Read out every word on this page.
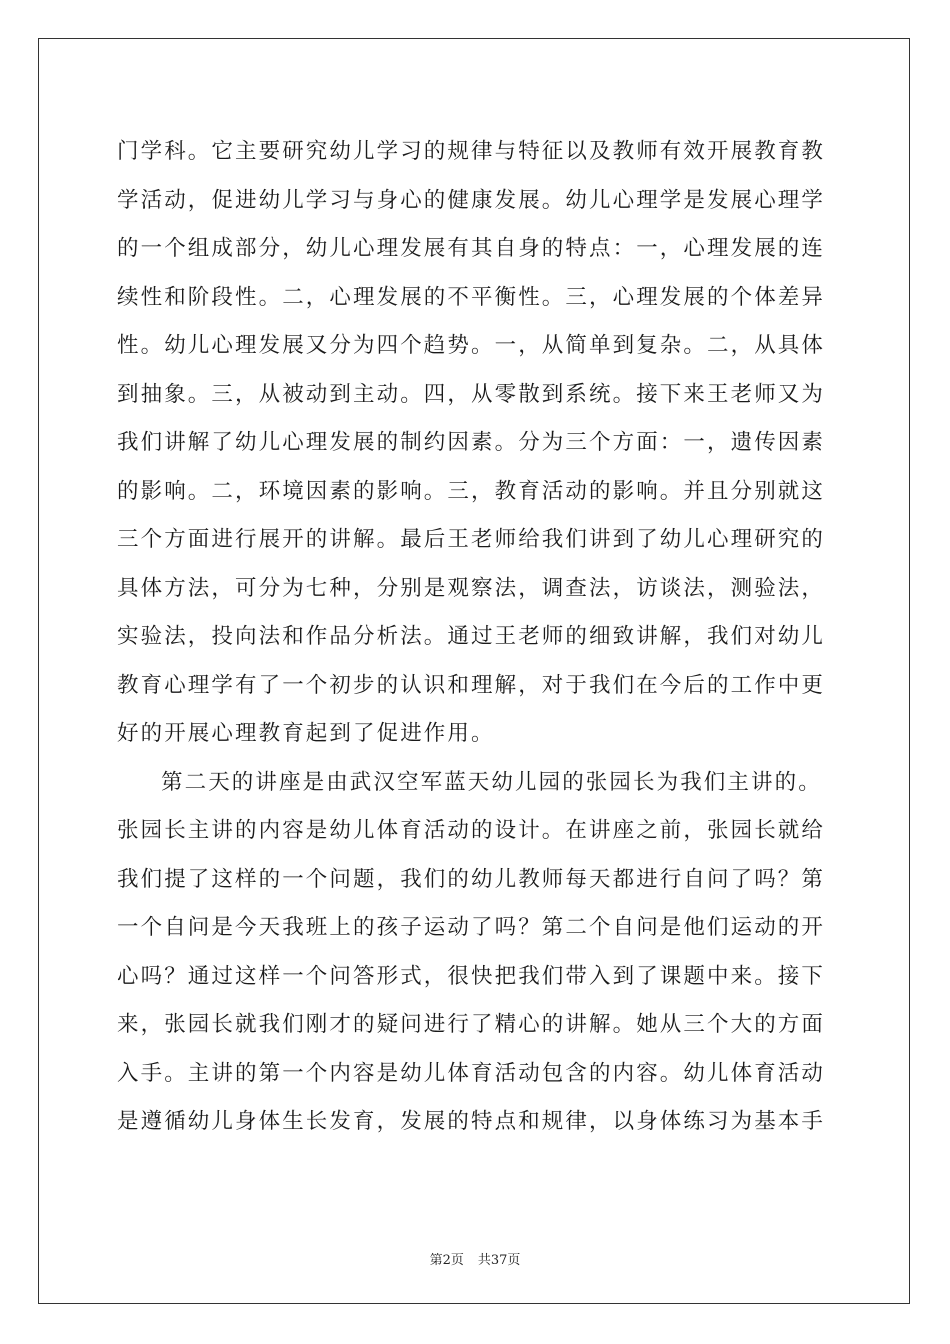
门学科。它主要研究幼儿学习的规律与特征以及教师有效开展教育教
学活动，促进幼儿学习与身心的健康发展。幼儿心理学是发展心理学
的一个组成部分，幼儿心理发展有其自身的特点：一，心理发展的连
续性和阶段性。二，心理发展的不平衡性。三，心理发展的个体差异
性。幼儿心理发展又分为四个趋势。一，从简单到复杂。二，从具体
到抽象。三，从被动到主动。四，从零散到系统。接下来王老师又为
我们讲解了幼儿心理发展的制约因素。分为三个方面：一，遗传因素
的影响。二，环境因素的影响。三，教育活动的影响。并且分别就这
三个方面进行展开的讲解。最后王老师给我们讲到了幼儿心理研究的
具体方法，可分为七种，分别是观察法，调查法，访谈法，测验法，
实验法，投向法和作品分析法。通过王老师的细致讲解，我们对幼儿
教育心理学有了一个初步的认识和理解，对于我们在今后的工作中更
好的开展心理教育起到了促进作用。
第二天的讲座是由武汉空军蓝天幼儿园的张园长为我们主讲的。
张园长主讲的内容是幼儿体育活动的设计。在讲座之前，张园长就给
我们提了这样的一个问题，我们的幼儿教师每天都进行自问了吗？第
一个自问是今天我班上的孩子运动了吗？第二个自问是他们运动的开
心吗？通过这样一个问答形式，很快把我们带入到了课题中来。接下
来，张园长就我们刚才的疑问进行了精心的讲解。她从三个大的方面
入手。主讲的第一个内容是幼儿体育活动包含的内容。幼儿体育活动
是遵循幼儿身体生长发育，发展的特点和规律，以身体练习为基本手
第2页 共37页
